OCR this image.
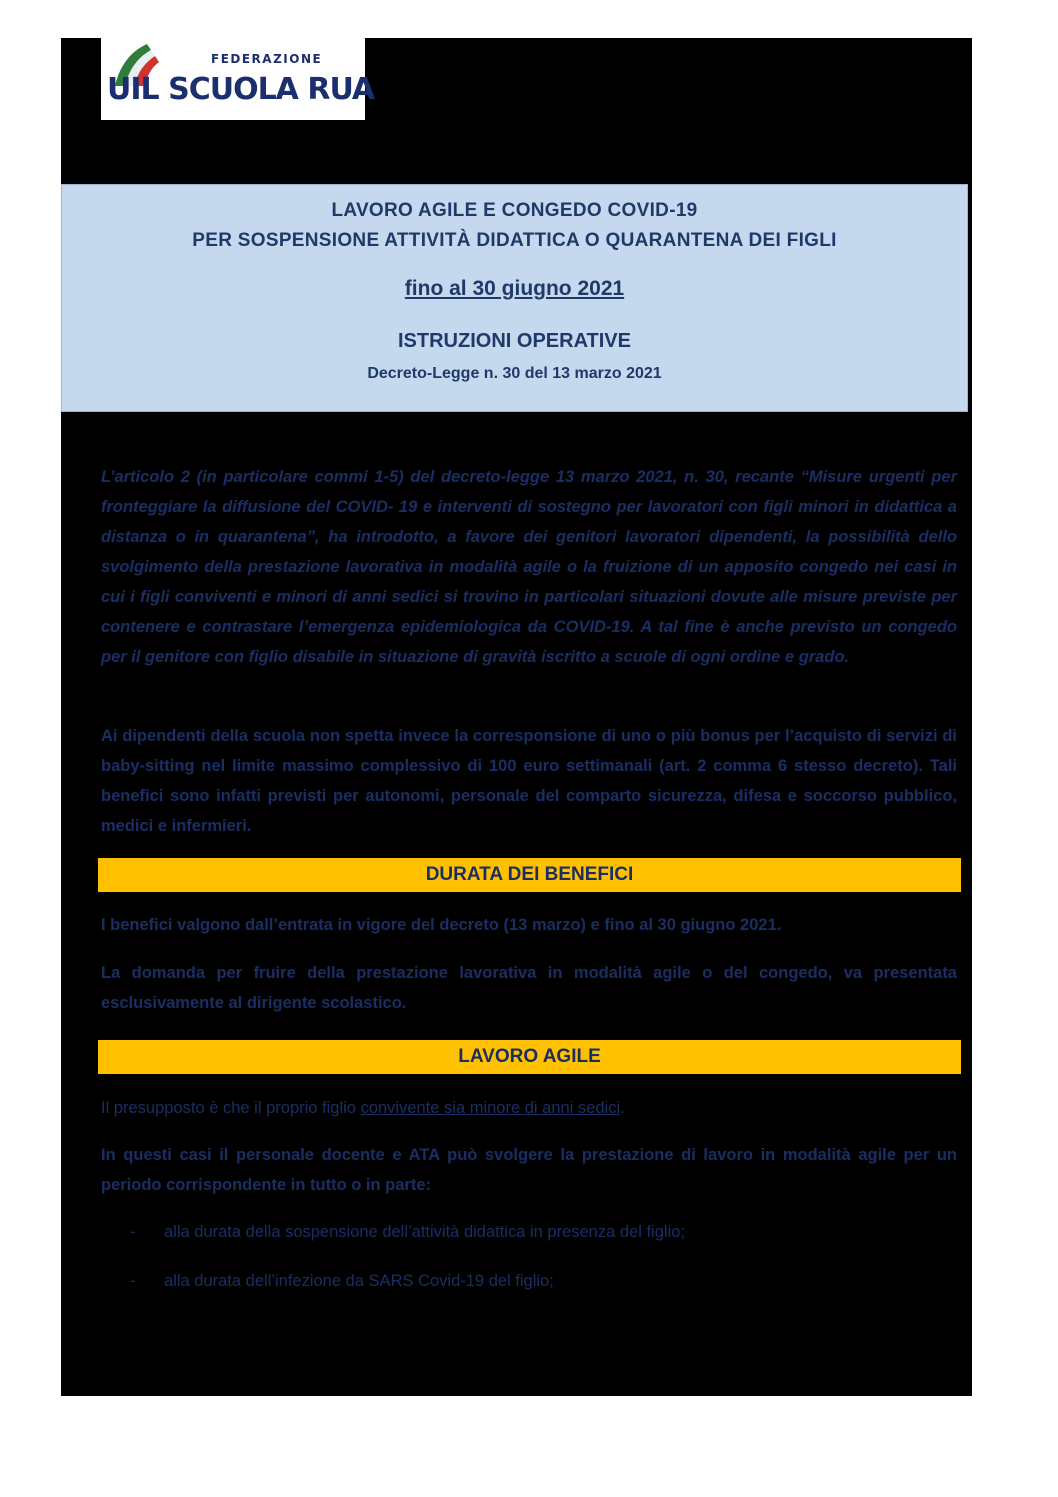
FEDERAZIONE
UIL SCUOLA RUA
LAVORO AGILE E CONGEDO COVID-19
PER SOSPENSIONE ATTIVITÀ DIDATTICA O QUARANTENA DEI FIGLI
fino al 30 giugno 2021
ISTRUZIONI OPERATIVE
Decreto-Legge n. 30 del 13 marzo 2021
L’articolo 2 (in particolare commi 1-5) del decreto-legge 13 marzo 2021, n. 30, recante “Misure urgenti per fronteggiare la diffusione del COVID- 19 e interventi di sostegno per lavoratori con figli minori in didattica a distanza o in quarantena”, ha introdotto, a favore dei genitori lavoratori dipendenti, la possibilità dello svolgimento della prestazione lavorativa in modalità agile o la fruizione di un apposito congedo nei casi in cui i figli conviventi e minori di anni sedici si trovino in particolari situazioni dovute alle misure previste per contenere e contrastare l’emergenza epidemiologica da COVID-19. A tal fine è anche previsto un congedo per il genitore con figlio disabile in situazione di gravità iscritto a scuole di ogni ordine e grado.
Ai dipendenti della scuola non spetta invece la corresponsione di uno o più bonus per l’acquisto di servizi di baby-sitting nel limite massimo complessivo di 100 euro settimanali (art. 2 comma 6 stesso decreto). Tali benefici sono infatti previsti per autonomi, personale del comparto sicurezza, difesa e soccorso pubblico, medici e infermieri.
DURATA DEI BENEFICI
I benefici valgono dall’entrata in vigore del decreto (13 marzo) e fino al 30 giugno 2021.
La domanda per fruire della prestazione lavorativa in modalità agile o del congedo, va presentata esclusivamente al dirigente scolastico.
LAVORO AGILE
Il presupposto è che il proprio figlio convivente sia minore di anni sedici.
In questi casi il personale docente e ATA può svolgere la prestazione di lavoro in modalità agile per un periodo corrispondente in tutto o in parte:
- alla durata della sospensione dell’attività didattica in presenza del figlio;
- alla durata dell’infezione da SARS Covid-19 del figlio;
